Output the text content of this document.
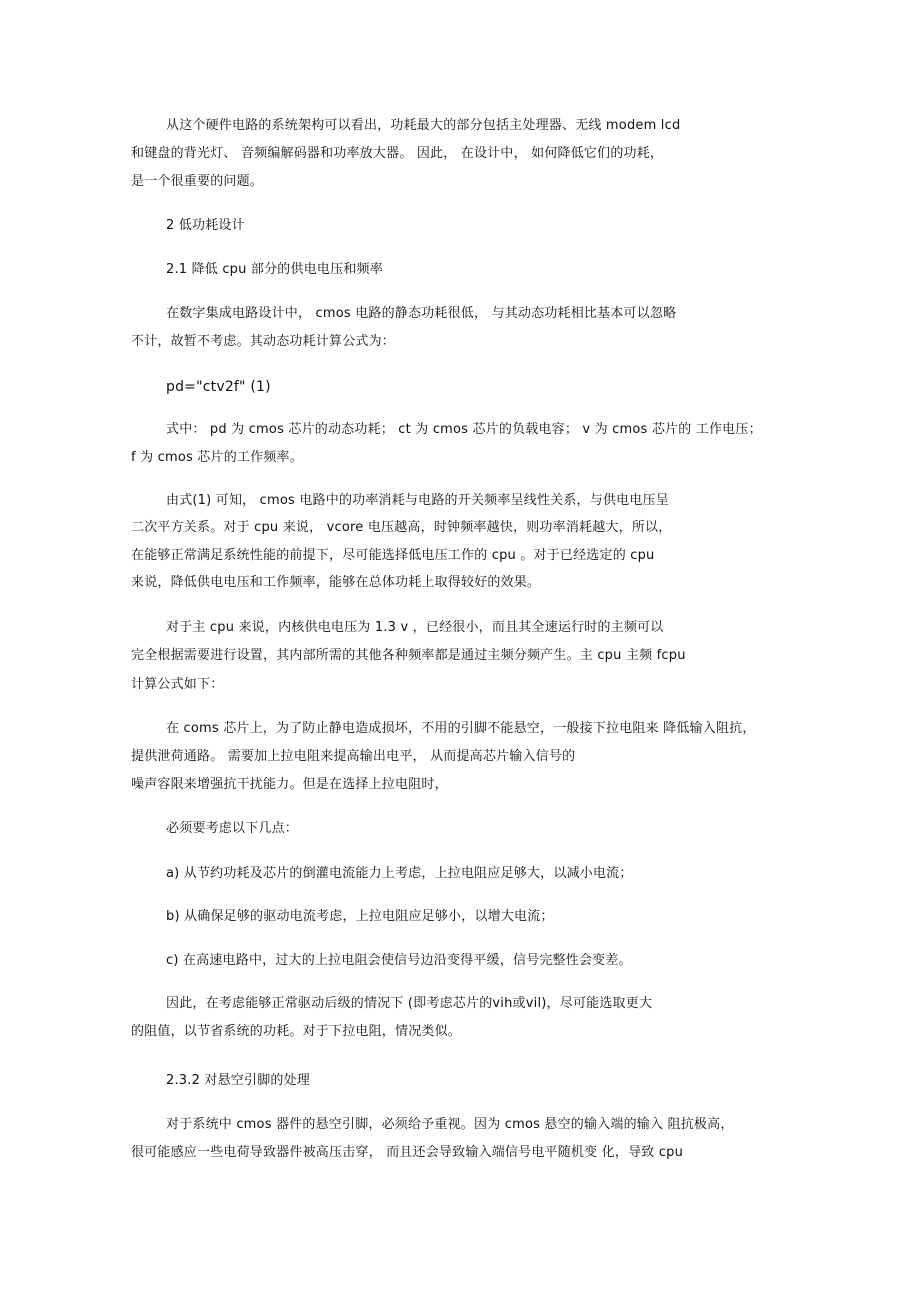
从这个硬件电路的系统架构可以看出，功耗最大的部分包括主处理器、无线 modem lcd
和键盘的背光灯、 音频编解码器和功率放大器。 因此， 在设计中， 如何降低它们的功耗，
是一个很重要的问题。
2 低功耗设计
2.1 降低 cpu 部分的供电电压和频率
在数字集成电路设计中， cmos 电路的静态功耗很低， 与其动态功耗相比基本可以忽略
不计，故暂不考虑。其动态功耗计算公式为：
pd="ctv2f" (1)
式中： pd 为 cmos 芯片的动态功耗； ct 为 cmos 芯片的负载电容； v 为 cmos 芯片的 工作电压；
f 为 cmos 芯片的工作频率。
由式(1) 可知， cmos 电路中的功率消耗与电路的开关频率呈线性关系，与供电电压呈
二次平方关系。对于 cpu 来说， vcore 电压越高，时钟频率越快，则功率消耗越大，所以，
在能够正常满足系统性能的前提下，尽可能选择低电压工作的 cpu 。对于已经选定的 cpu
来说，降低供电电压和工作频率，能够在总体功耗上取得较好的效果。
对于主 cpu 来说，内核供电电压为 1.3 v ，已经很小，而且其全速运行时的主频可以
完全根据需要进行设置，其内部所需的其他各种频率都是通过主频分频产生。主 cpu 主频 fcpu
计算公式如下：
在 coms 芯片上，为了防止静电造成损坏，不用的引脚不能悬空，一般接下拉电阻来 降低输入阻抗，
提供泄荷通路。 需要加上拉电阻来提高输出电平， 从而提高芯片输入信号的
噪声容限来增强抗干扰能力。但是在选择上拉电阻时，
必须要考虑以下几点：
a) 从节约功耗及芯片的倒灌电流能力上考虑，上拉电阻应足够大，以减小电流；
b) 从确保足够的驱动电流考虑，上拉电阻应足够小，以增大电流；
c) 在高速电路中，过大的上拉电阻会使信号边沿变得平缓，信号完整性会变差。
因此，在考虑能够正常驱动后级的情况下 (即考虑芯片的vih或vil)，尽可能选取更大
的阻值，以节省系统的功耗。对于下拉电阻，情况类似。
2.3.2 对悬空引脚的处理
对于系统中 cmos 器件的悬空引脚，必须给予重视。因为 cmos 悬空的输入端的输入 阻抗极高，
很可能感应一些电荷导致器件被高压击穿， 而且还会导致输入端信号电平随机变 化，导致 cpu
